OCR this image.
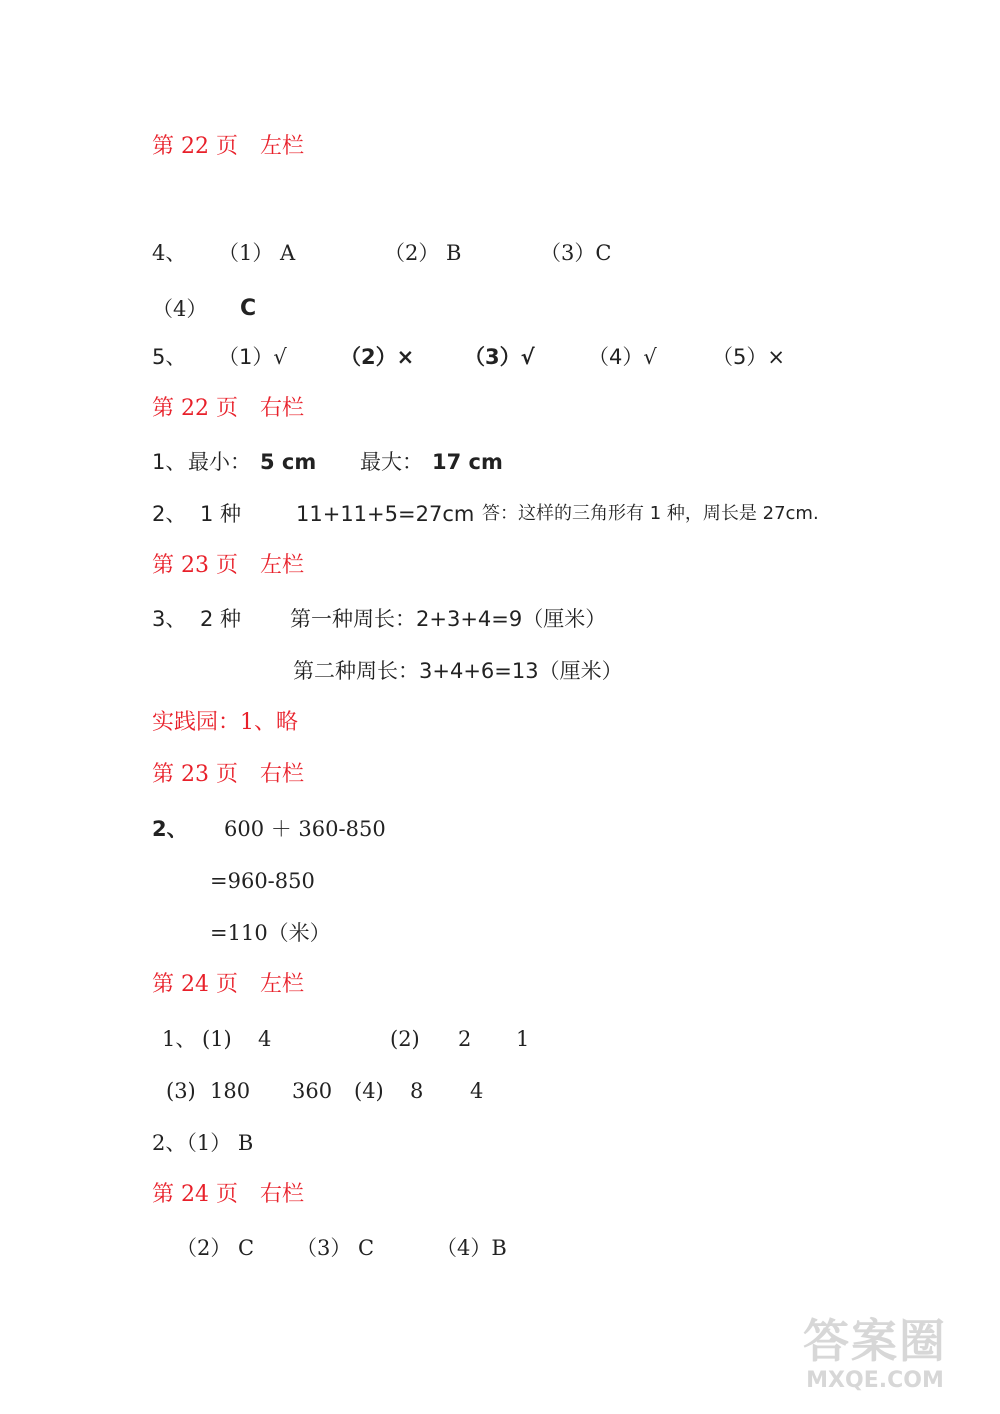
第 22 页　左栏
4、 （1） A	（2） B	（3）C
（4） C
5、 （1）√	（2）× （3）√	（4）√	（5）×
第 22 页　右栏
1、 最小： 5 cm 最大： 17 cm
2、 1 种	11+11+5=27cm 答：这样的三角形有 1 种，周长是 27cm.
第 23 页　左栏
3、 2 种 第一种周长：2+3+4=9（厘米）
第二种周长：3+4+6=13（厘米）
实践园：1、略
第 23 页　右栏
2、 600 ＋ 360-850
=960-850
=110（米）
第 24 页　左栏
1、 (1) 4	(2) 2 1
(3) 180 360 (4) 8 4
2、（1） B
第 24 页　右栏
（2） C （3） C	（4）B
答案圈
MXQE.COM
